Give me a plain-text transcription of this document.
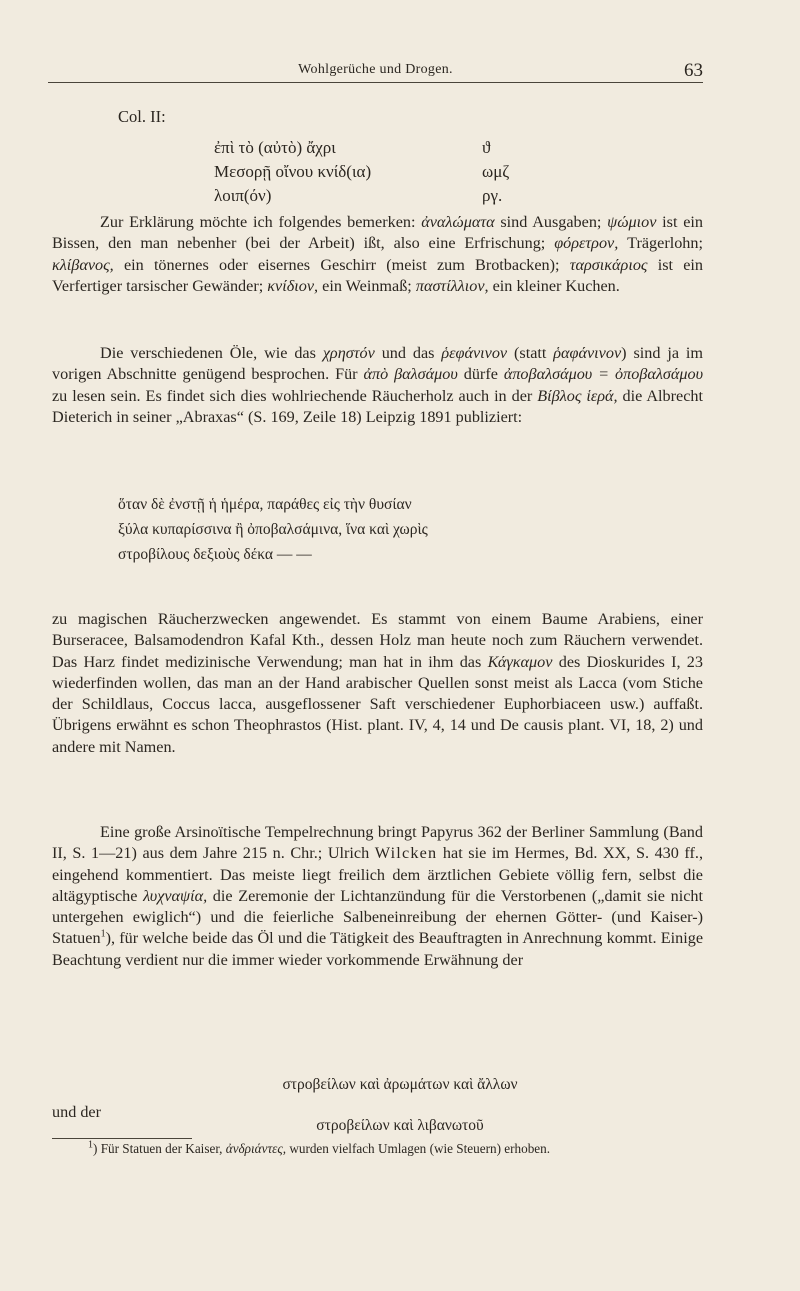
Wohlgerüche und Drogen.	63
Col. II:
ἐπὶ τὸ (αὐτὸ) ἄχρι	ϑ
Μεσορῇ οἴνου κνίδ(ια)	ωμζ
λοιπ(όν)	ργ.

Zur Erklärung möchte ich folgendes bemerken: ἀναλώματα sind Ausgaben; ψώμιον ist ein Bissen, den man nebenher (bei der Arbeit) ißt, also eine Erfrischung; φόρετρον, Trägerlohn; κλίβανος, ein tönernes oder eisernes Geschirr (meist zum Brotbacken); ταρσικάριος ist ein Verfertiger tarsischer Gewänder; κνίδιον, ein Weinmaß; παστίλλιον, ein kleiner Kuchen.

Die verschiedenen Öle, wie das χρηστόν und das ῥεφάνινον (statt ῥαφάνινον) sind ja im vorigen Abschnitte genügend besprochen. Für ἀπὸ βαλσάμου dürfe ἀποβαλσάμου = ὀποβαλσάμου zu lesen sein. Es findet sich dies wohlriechende Räucherholz auch in der Βίβλος ἱερά, die Albrecht Dieterich in seiner „Abraxas“ (S. 169, Zeile 18) Leipzig 1891 publiziert:

ὅταν δὲ ἐνστῇ ἡ ἡμέρα, παράθες εἰς τὴν θυσίαν
ξύλα κυπαρίσσινα ἢ ὀποβαλσάμινα, ἵνα καὶ χωρὶς
στροβίλους δεξιοὺς δέκα — —

zu magischen Räucherzwecken angewendet. Es stammt von einem Baume Arabiens, einer Burseracee, Balsamodendron Kafal Kth., dessen Holz man heute noch zum Räuchern verwendet. Das Harz findet medizinische Verwendung; man hat in ihm das Κάγκαμον des Dioskurides I, 23 wiederfinden wollen, das man an der Hand arabischer Quellen sonst meist als Lacca (vom Stiche der Schildlaus, Coccus lacca, ausgeflossener Saft verschiedener Euphorbiaceen usw.) auffaßt. Übrigens erwähnt es schon Theophrastos (Hist. plant. IV, 4, 14 und De causis plant. VI, 18, 2) und andere mit Namen.

Eine große Arsinoïtische Tempelrechnung bringt Papyrus 362 der Berliner Sammlung (Band II, S. 1—21) aus dem Jahre 215 n. Chr.; Ulrich Wilcken hat sie im Hermes, Bd. XX, S. 430 ff., eingehend kommentiert. Das meiste liegt freilich dem ärztlichen Gebiete völlig fern, selbst die altägyptische λυχναψία, die Zeremonie der Lichtanzündung für die Verstorbenen („damit sie nicht untergehen ewiglich“) und die feierliche Salbeneinreibung der ehernen Götter- (und Kaiser-) Statuen$^1$), für welche beide das Öl und die Tätigkeit des Beauftragten in Anrechnung kommt. Einige Beachtung verdient nur die immer wieder vorkommende Erwähnung der

στροβείλων καὶ ἀρωμάτων καὶ ἄλλων
und der
στροβείλων καὶ λιβανωτοῦ
$^1$) Für Statuen der Kaiser, ἀνδριάντες, wurden vielfach Umlagen (wie Steuern) erhoben.
